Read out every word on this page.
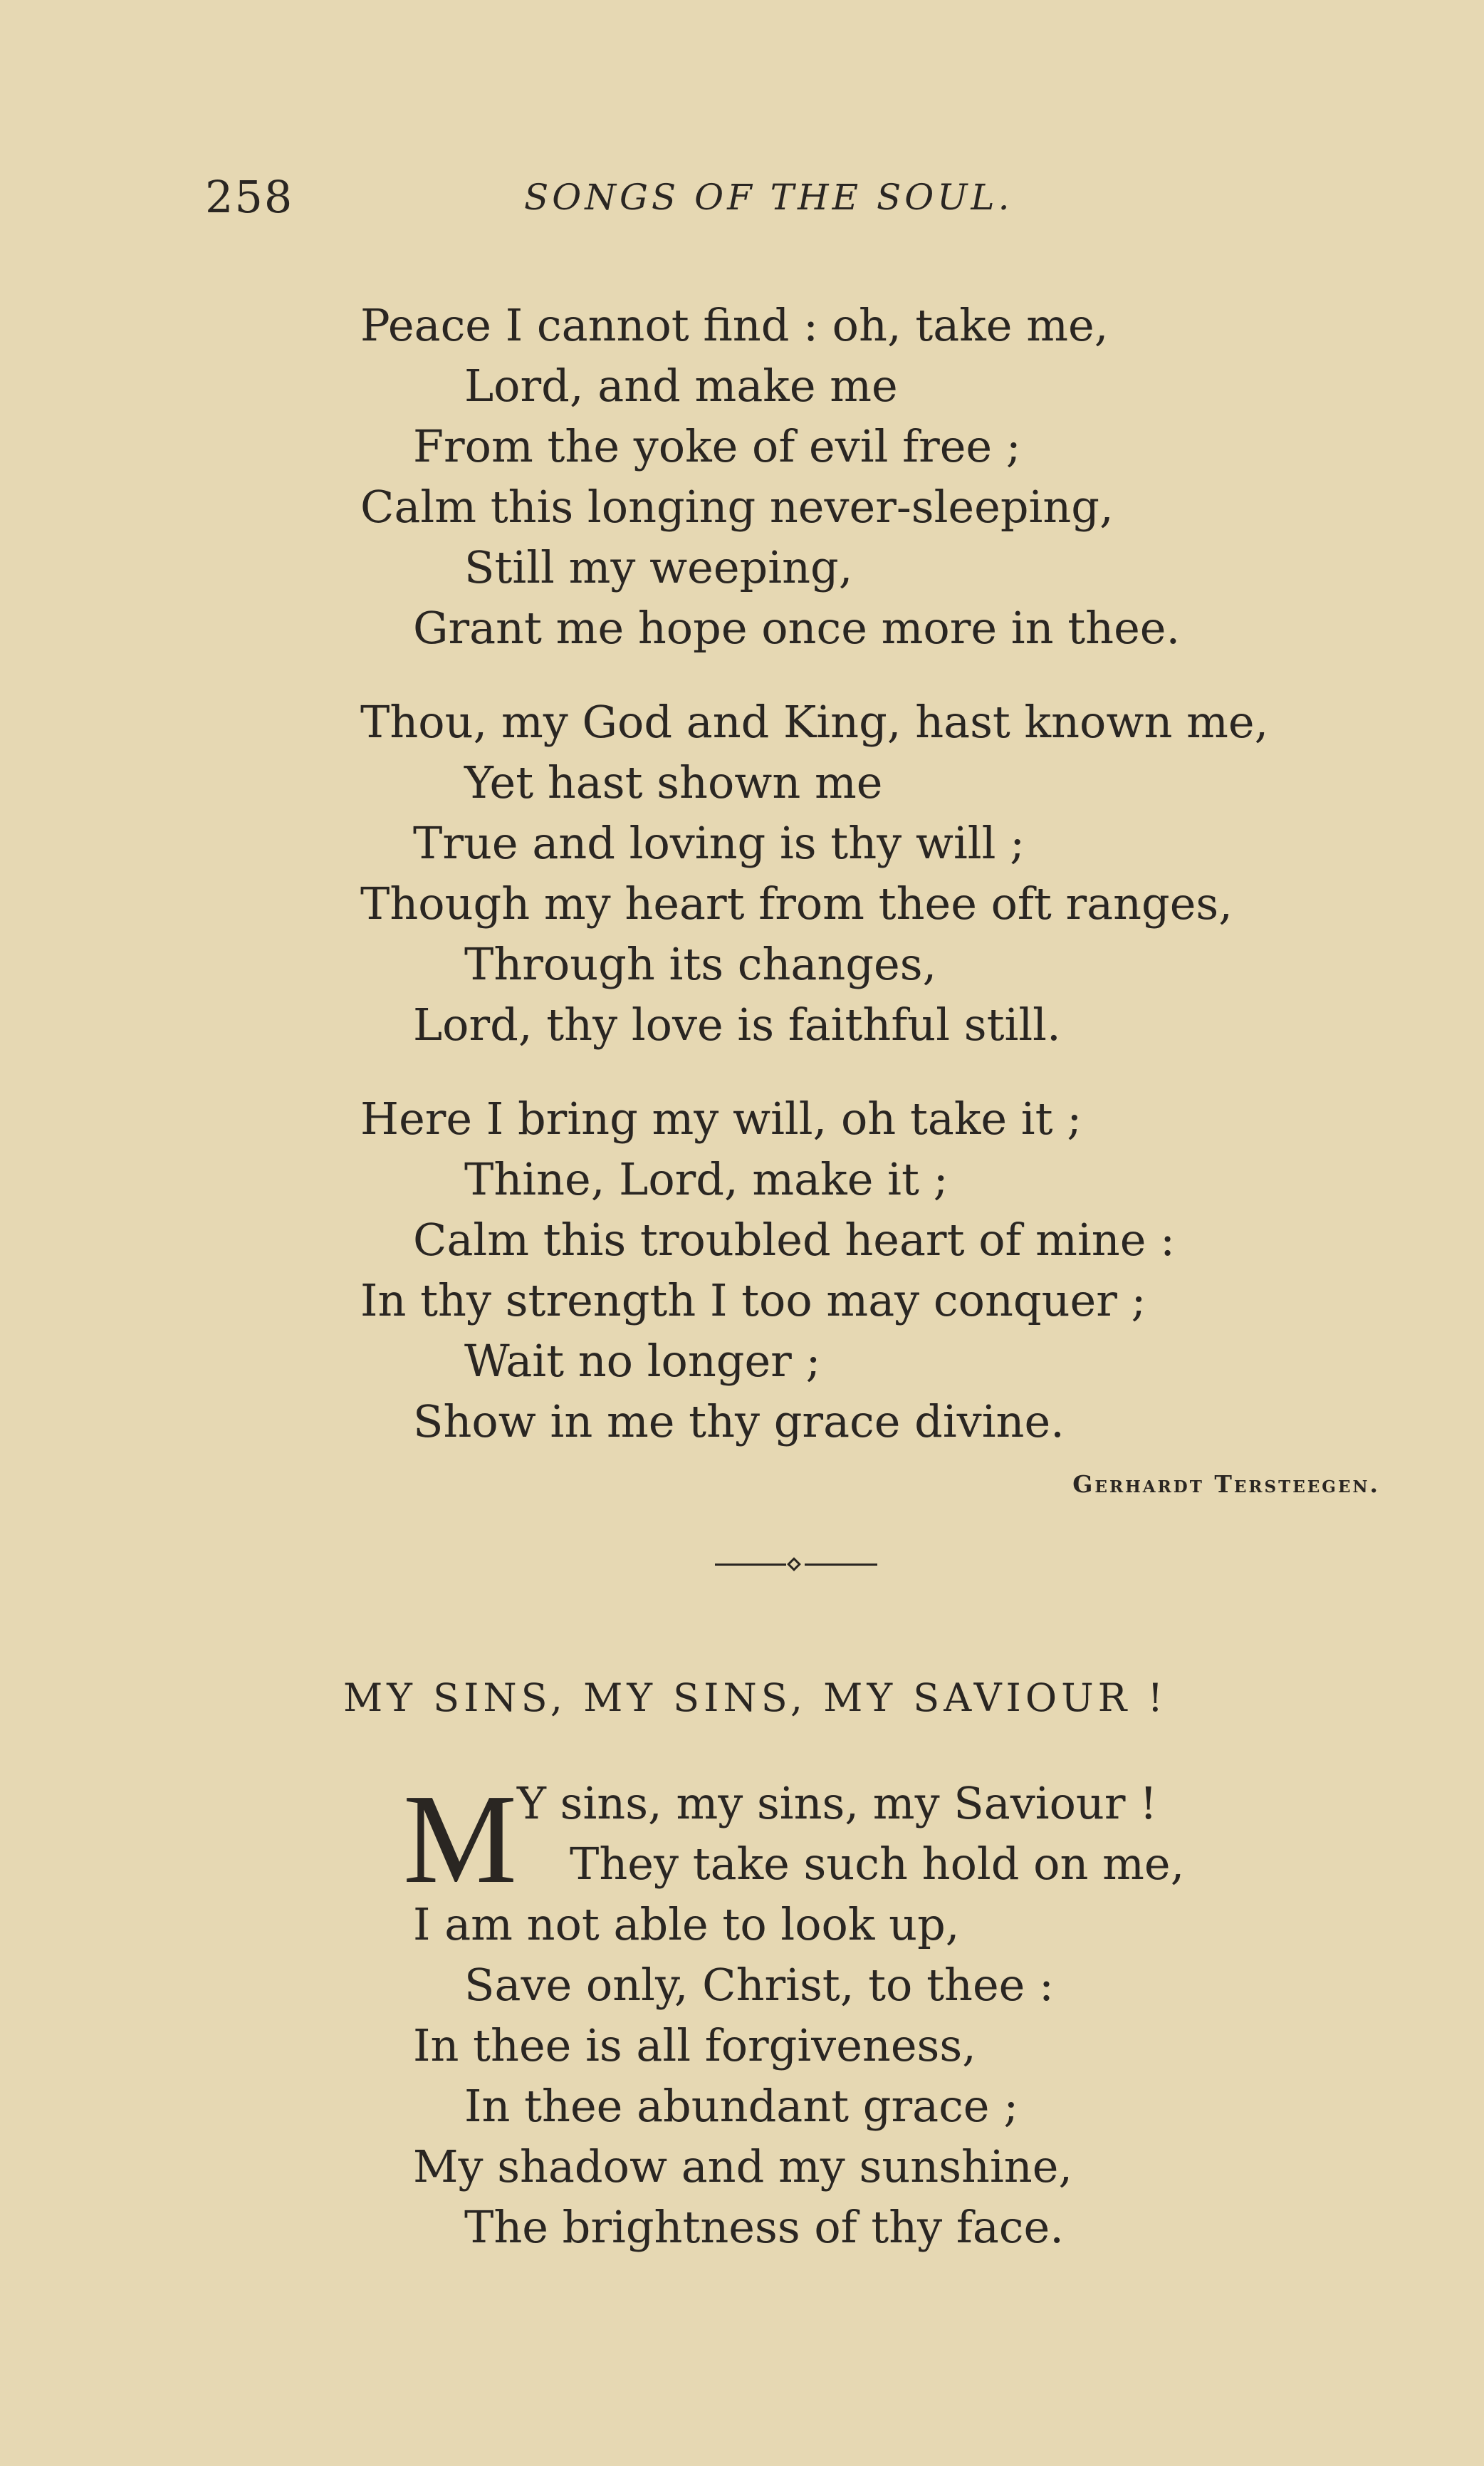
258	SONGS OF THE SOUL.
Peace I cannot find : oh, take me,
Lord, and make me
From the yoke of evil free ;
Calm this longing never-sleeping,
Still my weeping,
Grant me hope once more in thee.
Thou, my God and King, hast known me,
Yet hast shown me
True and loving is thy will ;
Though my heart from thee oft ranges,
Through its changes,
Lord, thy love is faithful still.
Here I bring my will, oh take it ;
Thine, Lord, make it ;
Calm this troubled heart of mine :
In thy strength I too may conquer ;
Wait no longer ;
Show in me thy grace divine.
Gerhardt Tersteegen.
MY SINS, MY SINS, MY SAVIOUR !
M Y sins, my sins, my Saviour !
They take such hold on me,
I am not able to look up,
Save only, Christ, to thee :
In thee is all forgiveness,
In thee abundant grace ;
My shadow and my sunshine,
The brightness of thy face.
